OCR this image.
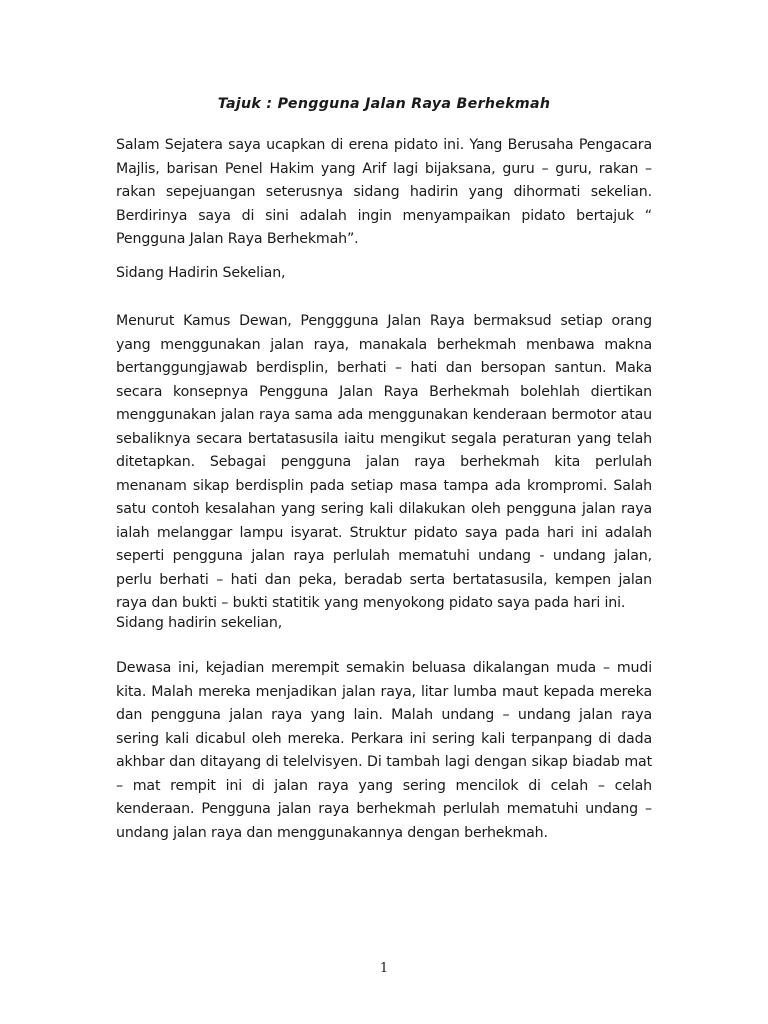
Tajuk : Pengguna Jalan Raya Berhekmah

Salam Sejatera saya ucapkan di erena pidato ini. Yang Berusaha Pengacara Majlis, barisan Penel Hakim yang Arif lagi bijaksana, guru – guru, rakan – rakan sepejuangan seterusnya sidang hadirin yang dihormati sekelian. Berdirinya saya di sini adalah ingin menyampaikan pidato bertajuk “ Pengguna Jalan Raya Berhekmah”.

Sidang Hadirin Sekelian,

Menurut Kamus Dewan, Penggguna Jalan Raya bermaksud setiap orang yang menggunakan jalan raya, manakala berhekmah menbawa makna bertanggungjawab berdisplin, berhati – hati dan bersopan santun. Maka secara konsepnya Pengguna Jalan Raya Berhekmah bolehlah diertikan menggunakan jalan raya sama ada menggunakan kenderaan bermotor atau sebaliknya secara bertatasusila iaitu mengikut segala peraturan yang telah ditetapkan. Sebagai pengguna jalan raya berhekmah kita perlulah menanam sikap berdisplin pada setiap masa tampa ada krompromi. Salah satu contoh kesalahan yang sering kali dilakukan oleh pengguna jalan raya ialah melanggar lampu isyarat. Struktur pidato saya pada hari ini adalah seperti pengguna jalan raya perlulah mematuhi undang - undang jalan, perlu berhati – hati dan peka, beradab serta bertatasusila, kempen jalan raya dan bukti – bukti statitik yang menyokong pidato saya pada hari ini.

Sidang hadirin sekelian,

Dewasa ini, kejadian merempit semakin beluasa dikalangan muda – mudi kita. Malah mereka menjadikan jalan raya, litar lumba maut kepada mereka dan pengguna jalan raya yang lain. Malah undang – undang jalan raya sering kali dicabul oleh mereka. Perkara ini sering kali terpanpang di dada akhbar dan ditayang di telelvisyen. Di tambah lagi dengan sikap biadab mat – mat rempit ini di jalan raya yang sering mencilok di celah – celah kenderaan. Pengguna jalan raya berhekmah perlulah mematuhi undang – undang jalan raya dan menggunakannya dengan berhekmah.

1
